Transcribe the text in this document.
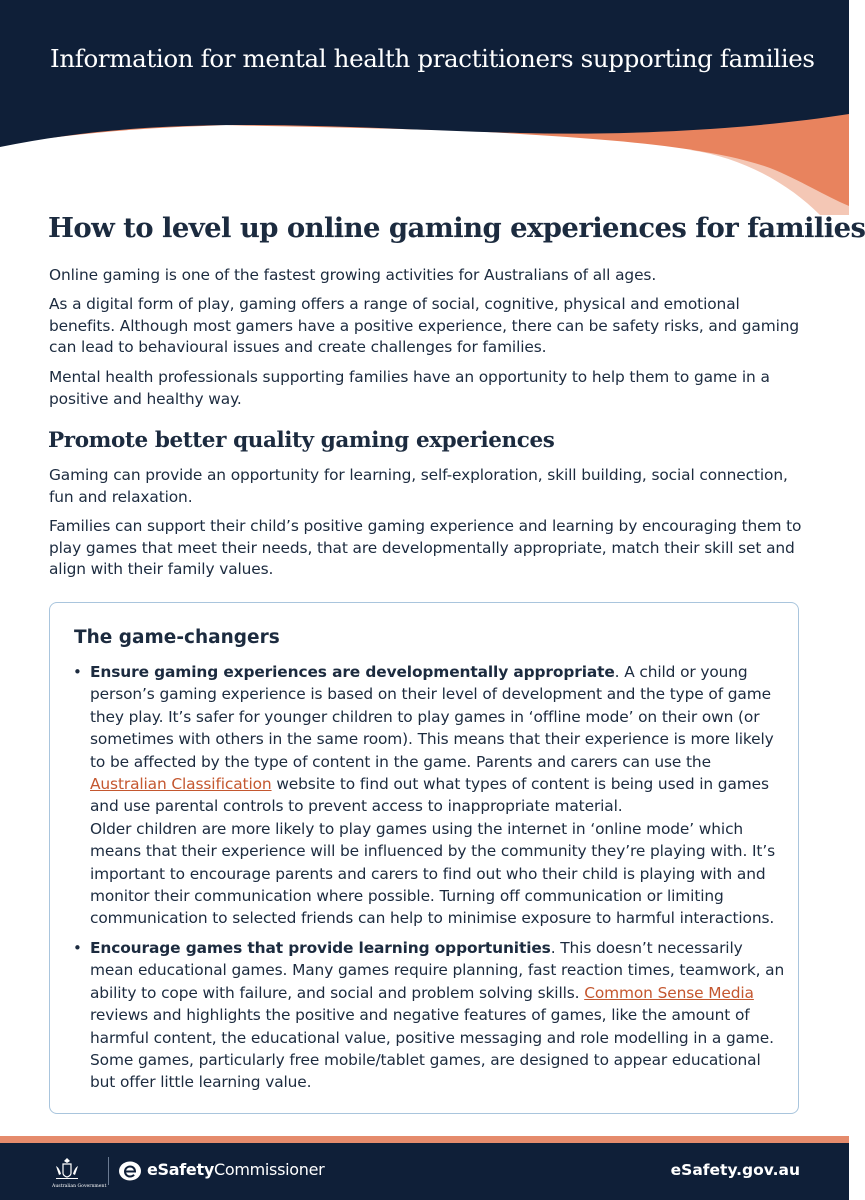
Information for mental health practitioners supporting families
How to level up online gaming experiences for families

Online gaming is one of the fastest growing activities for Australians of all ages.

As a digital form of play, gaming offers a range of social, cognitive, physical and emotional benefits. Although most gamers have a positive experience, there can be safety risks, and gaming can lead to behavioural issues and create challenges for families.

Mental health professionals supporting families have an opportunity to help them to game in a positive and healthy way.

Promote better quality gaming experiences

Gaming can provide an opportunity for learning, self-exploration, skill building, social connection, fun and relaxation.

Families can support their child’s positive gaming experience and learning by encouraging them to play games that meet their needs, that are developmentally appropriate, match their skill set and align with their family values.

The game-changers

• Ensure gaming experiences are developmentally appropriate. A child or young person’s gaming experience is based on their level of development and the type of game they play. It’s safer for younger children to play games in ‘offline mode’ on their own (or sometimes with others in the same room). This means that their experience is more likely to be affected by the type of content in the game. Parents and carers can use the Australian Classification website to find out what types of content is being used in games and use parental controls to prevent access to inappropriate material.
Older children are more likely to play games using the internet in ‘online mode’ which means that their experience will be influenced by the community they’re playing with. It’s important to encourage parents and carers to find out who their child is playing with and monitor their communication where possible. Turning off communication or limiting communication to selected friends can help to minimise exposure to harmful interactions.

• Encourage games that provide learning opportunities. This doesn’t necessarily mean educational games. Many games require planning, fast reaction times, teamwork, an ability to cope with failure, and social and problem solving skills. Common Sense Media reviews and highlights the positive and negative features of games, like the amount of harmful content, the educational value, positive messaging and role modelling in a game. Some games, particularly free mobile/tablet games, are designed to appear educational but offer little learning value.

Australian Government

eSafetyCommissioner	eSafety.gov.au
